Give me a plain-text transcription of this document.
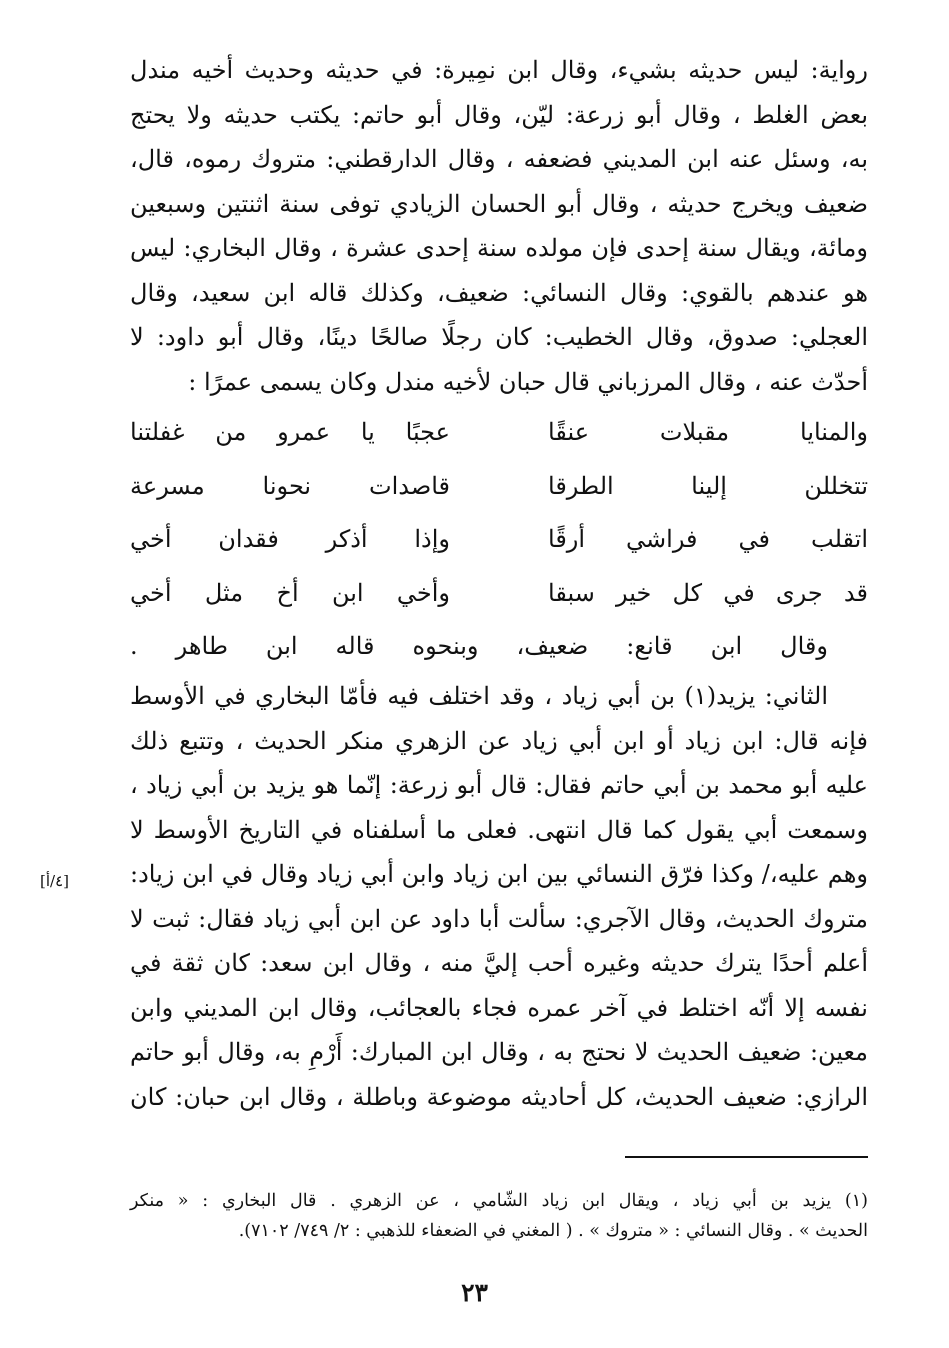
رواية: ليس حديثه بشيء، وقال ابن نمِيرة: في حديثه وحديث أخيه مندل
بعض الغلط ، وقال أبو زرعة: ليّن، وقال أبو حاتم: يكتب حديثه ولا يحتج
به، وسئل عنه ابن المديني فضعفه ، وقال الدارقطني: متروك رموه، قال،
ضعيف ويخرج حديثه ، وقال أبو الحسان الزيادي توفى سنة اثنتين وسبعين
ومائة، ويقال سنة إحدى فإن مولده سنة إحدى عشرة ، وقال البخاري: ليس
هو عندهم بالقوي: وقال النسائي: ضعيف، وكذلك قاله ابن سعيد، وقال
العجلي: صدوق، وقال الخطيب: كان رجلًا صالحًا دينًا، وقال أبو داود: لا
أحدّث عنه ، وقال المرزباني قال حبان لأخيه مندل وكان يسمى عمرًا :
عجبًا يا عمرو من غفلتنا	والمنايا مقبلات عنقًا
قاصدات نحونا مسرعة	تتخللن إلينا الطرقا
وإذا أذكر فقدان أخي	اتقلب في فراشي أرقًا
وأخي ابن أخ مثل أخي	قد جرى في كل خير سبقا
وقال ابن قانع: ضعيف، وبنحوه قاله ابن طاهر .
الثاني: يزيد(١) بن أبي زياد ، وقد اختلف فيه فأمّا البخاري في الأوسط
فإنه قال: ابن زياد أو ابن أبي زياد عن الزهري منكر الحديث ، وتتبع ذلك
عليه أبو محمد بن أبي حاتم فقال: قال أبو زرعة: إنّما هو يزيد بن أبي زياد ،
وسمعت أبي يقول كما قال انتهى. فعلى ما أسلفناه في التاريخ الأوسط لا
وهم عليه،/ وكذا فرّق النسائي بين ابن زياد وابن أبي زياد وقال في ابن زياد:
متروك الحديث، وقال الآجري: سألت أبا داود عن ابن أبي زياد فقال: ثبت لا
أعلم أحدًا يترك حديثه وغيره أحب إليَّ منه ، وقال ابن سعد: كان ثقة في
نفسه إلا أنّه اختلط في آخر عمره فجاء بالعجائب، وقال ابن المديني وابن
معين: ضعيف الحديث لا نحتج به ، وقال ابن المبارك: أَرْمِ به، وقال أبو حاتم
الرازي: ضعيف الحديث، كل أحاديثه موضوعة وباطلة ، وقال ابن حبان: كان
[٤/أ]
(١) يزيد بن أبي زياد ، ويقال ابن زياد الشّامي ، عن الزهري . قال البخاري : « منكر
الحديث » . وقال النسائي : « متروك » . ( المغني في الضعفاء للذهبي : ٢/ ٧٤٩/ ٧١٠٢).
٢٣
